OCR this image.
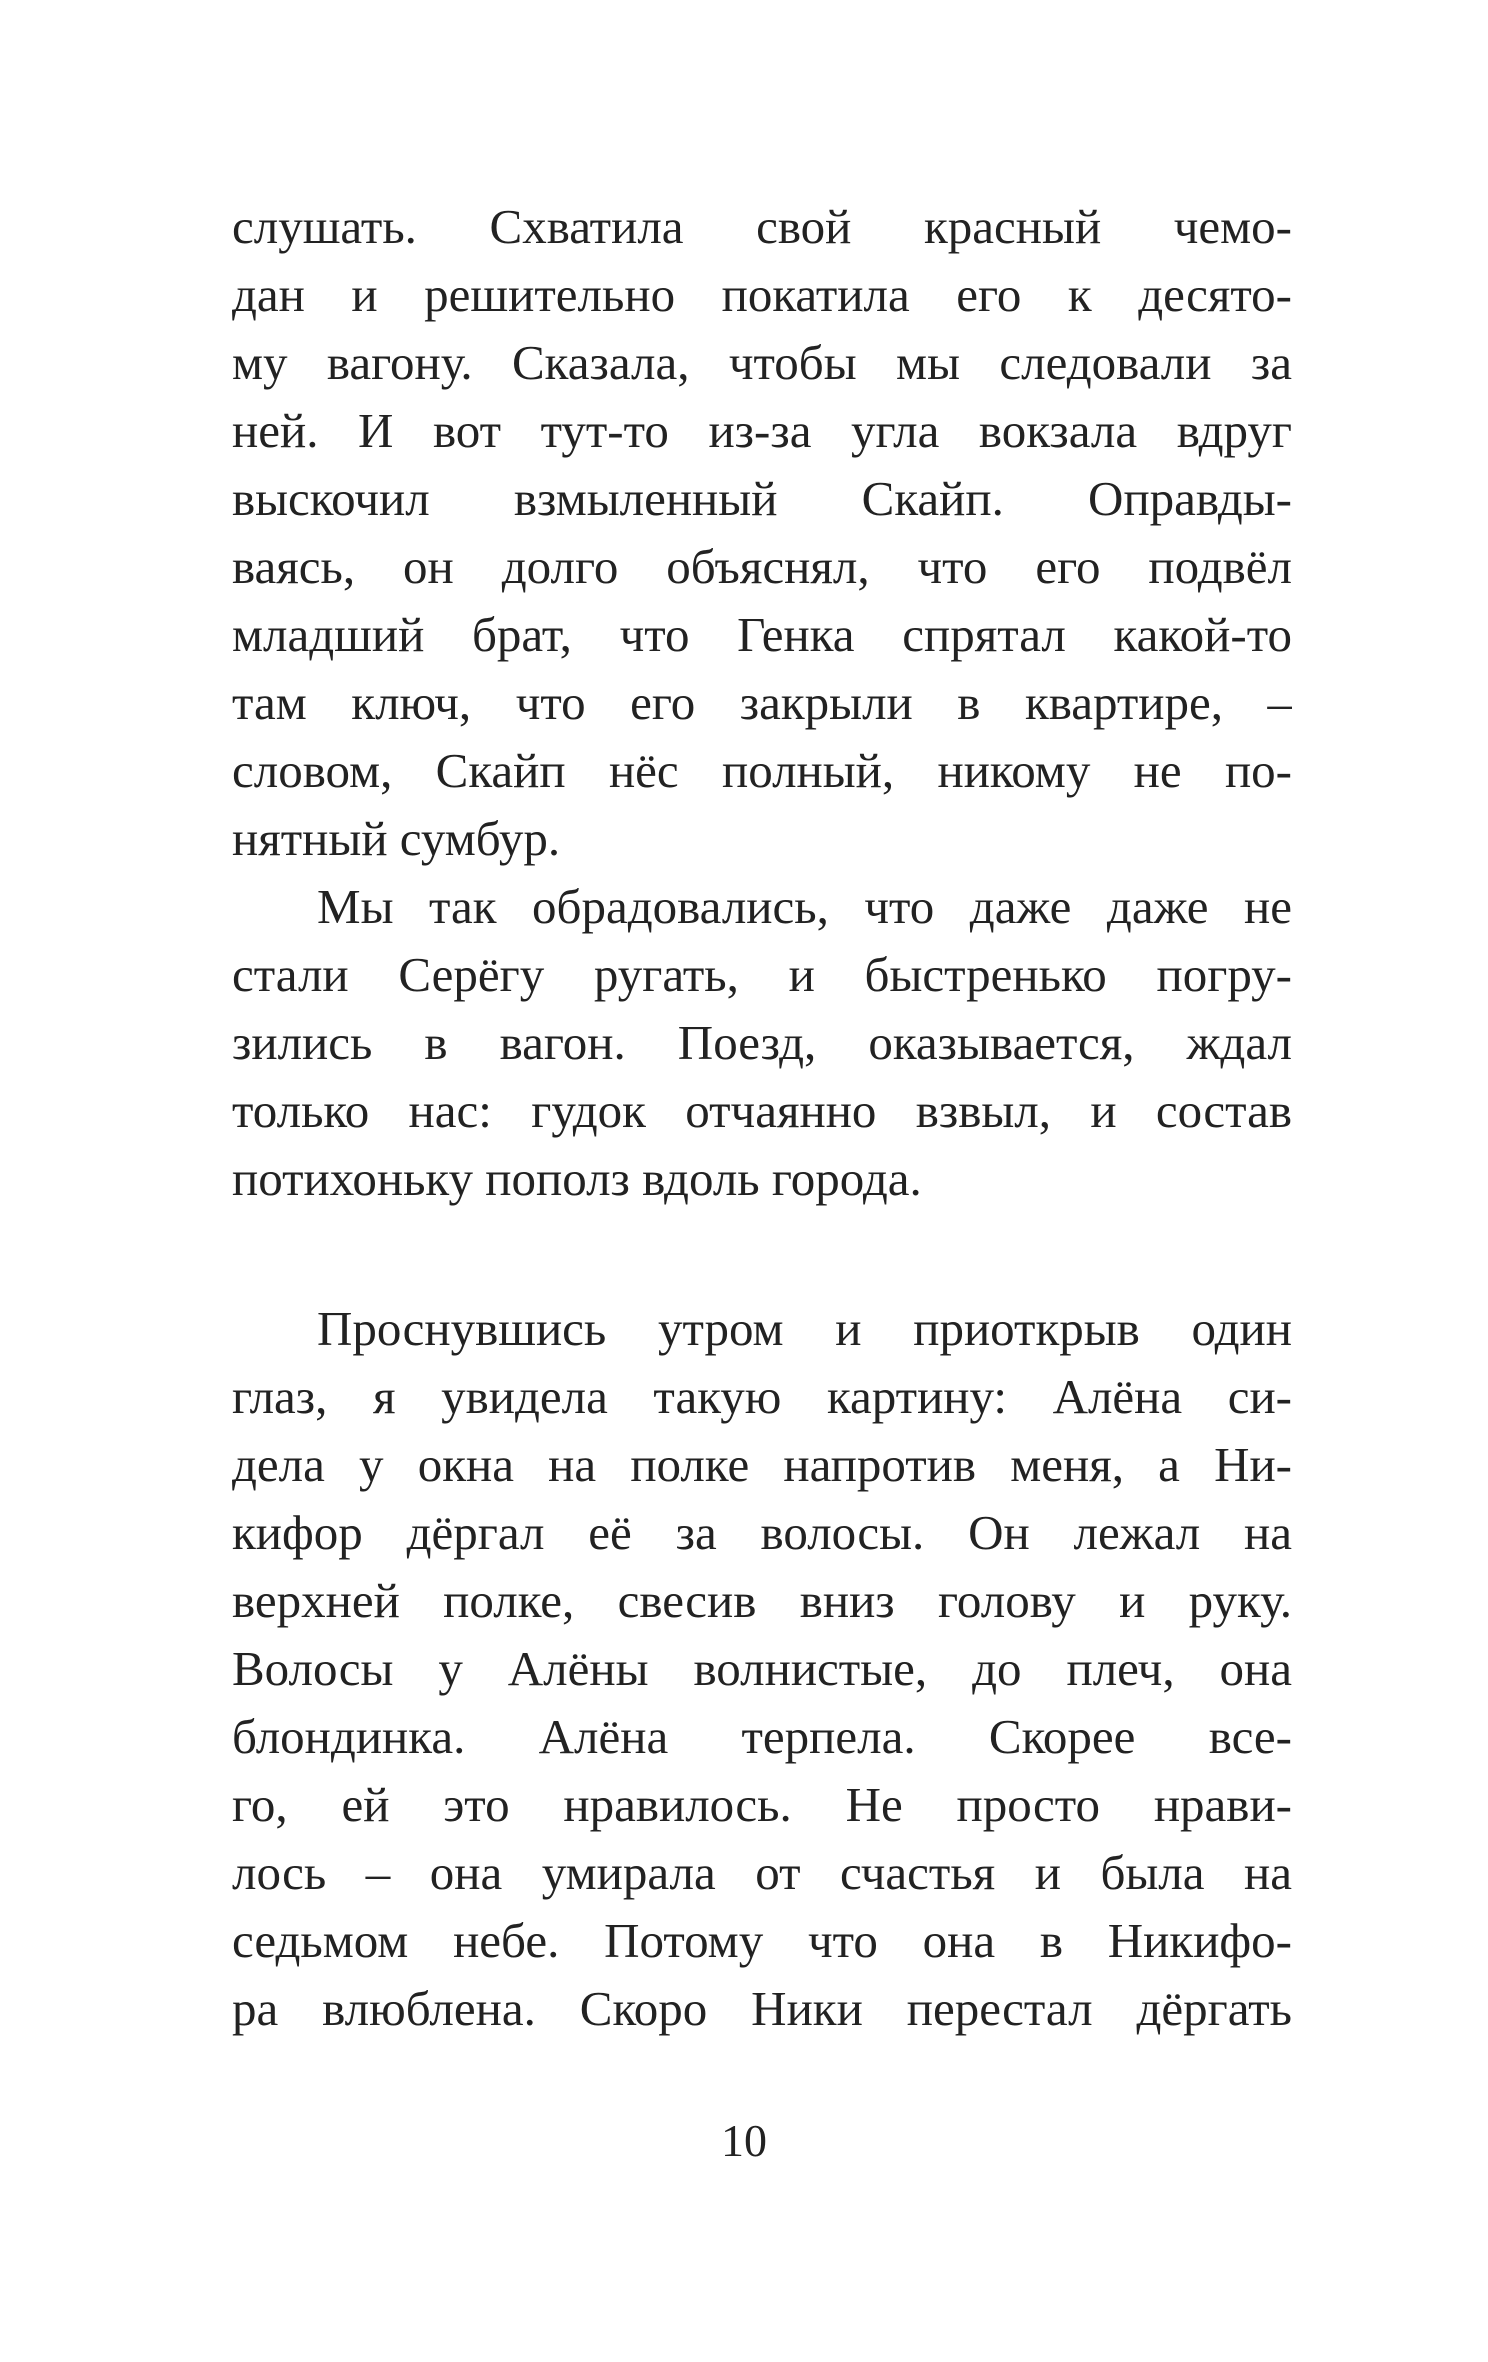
слушать. Схватила свой красный чемо-
дан и решительно покатила его к десято-
му вагону. Сказала, чтобы мы следовали за
ней. И вот тут-то из-за угла вокзала вдруг
выскочил взмыленный Скайп. Оправды-
ваясь, он долго объяснял, что его подвёл
младший брат, что Генка спрятал какой-то
там ключ, что его закрыли в квартире, –
словом, Скайп нёс полный, никому не по-
нятный сумбур.
Мы так обрадовались, что даже даже не
стали Серёгу ругать, и быстренько погру-
зились в вагон. Поезд, оказывается, ждал
только нас: гудок отчаянно взвыл, и состав
потихоньку пополз вдоль города.
Проснувшись утром и приоткрыв один
глаз, я увидела такую картину: Алёна си-
дела у окна на полке напротив меня, а Ни-
кифор дёргал её за волосы. Он лежал на
верхней полке, свесив вниз голову и руку.
Волосы у Алёны волнистые, до плеч, она
блондинка. Алёна терпела. Скорее все-
го, ей это нравилось. Не просто нрави-
лось – она умирала от счастья и была на
седьмом небе. Потому что она в Никифо-
ра влюблена. Скоро Ники перестал дёргать
10
